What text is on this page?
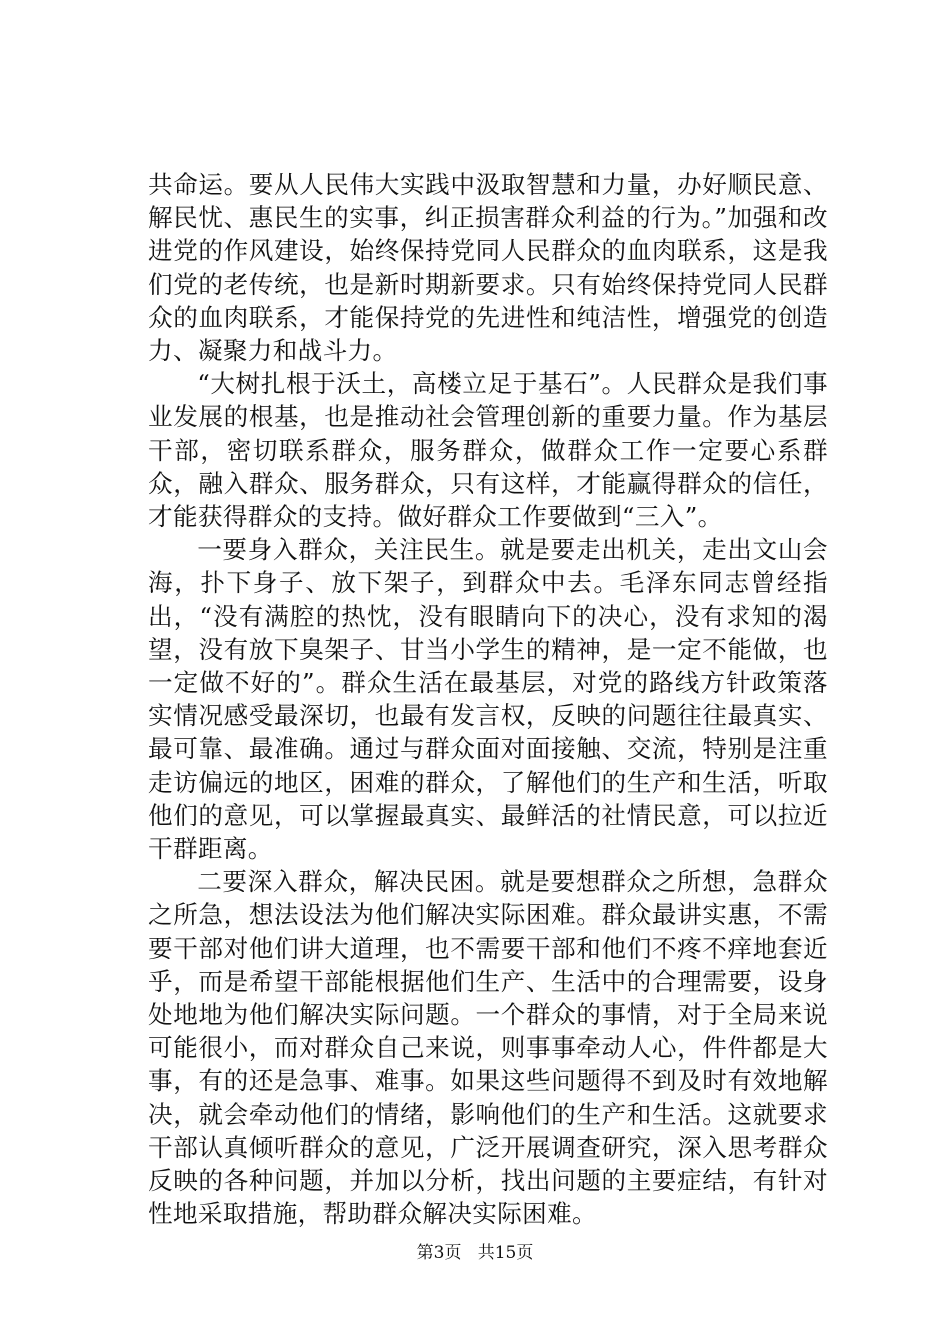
共命运。要从人民伟大实践中汲取智慧和力量，办好顺民意、解民忧、惠民生的实事，纠正损害群众利益的行为。”加强和改进党的作风建设，始终保持党同人民群众的血肉联系，这是我们党的老传统，也是新时期新要求。只有始终保持党同人民群众的血肉联系，才能保持党的先进性和纯洁性，增强党的创造力、凝聚力和战斗力。

“大树扎根于沃土，高楼立足于基石”。人民群众是我们事业发展的根基，也是推动社会管理创新的重要力量。作为基层干部，密切联系群众，服务群众，做群众工作一定要心系群众，融入群众、服务群众，只有这样，才能赢得群众的信任，才能获得群众的支持。做好群众工作要做到“三入”。

一要身入群众，关注民生。就是要走出机关，走出文山会海，扑下身子、放下架子，到群众中去。毛泽东同志曾经指出，“没有满腔的热忱，没有眼睛向下的决心，没有求知的渴望，没有放下臭架子、甘当小学生的精神，是一定不能做，也一定做不好的”。群众生活在最基层，对党的路线方针政策落实情况感受最深切，也最有发言权，反映的问题往往最真实、最可靠、最准确。通过与群众面对面接触、交流，特别是注重走访偏远的地区，困难的群众，了解他们的生产和生活，听取他们的意见，可以掌握最真实、最鲜活的社情民意，可以拉近干群距离。

二要深入群众，解决民困。就是要想群众之所想，急群众之所急，想法设法为他们解决实际困难。群众最讲实惠，不需要干部对他们讲大道理，也不需要干部和他们不疼不痒地套近乎，而是希望干部能根据他们生产、生活中的合理需要，设身处地地为他们解决实际问题。一个群众的事情，对于全局来说可能很小，而对群众自己来说，则事事牵动人心，件件都是大事，有的还是急事、难事。如果这些问题得不到及时有效地解决，就会牵动他们的情绪，影响他们的生产和生活。这就要求干部认真倾听群众的意见，广泛开展调查研究，深入思考群众反映的各种问题，并加以分析，找出问题的主要症结，有针对性地采取措施，帮助群众解决实际困难。

第3页 共15页
